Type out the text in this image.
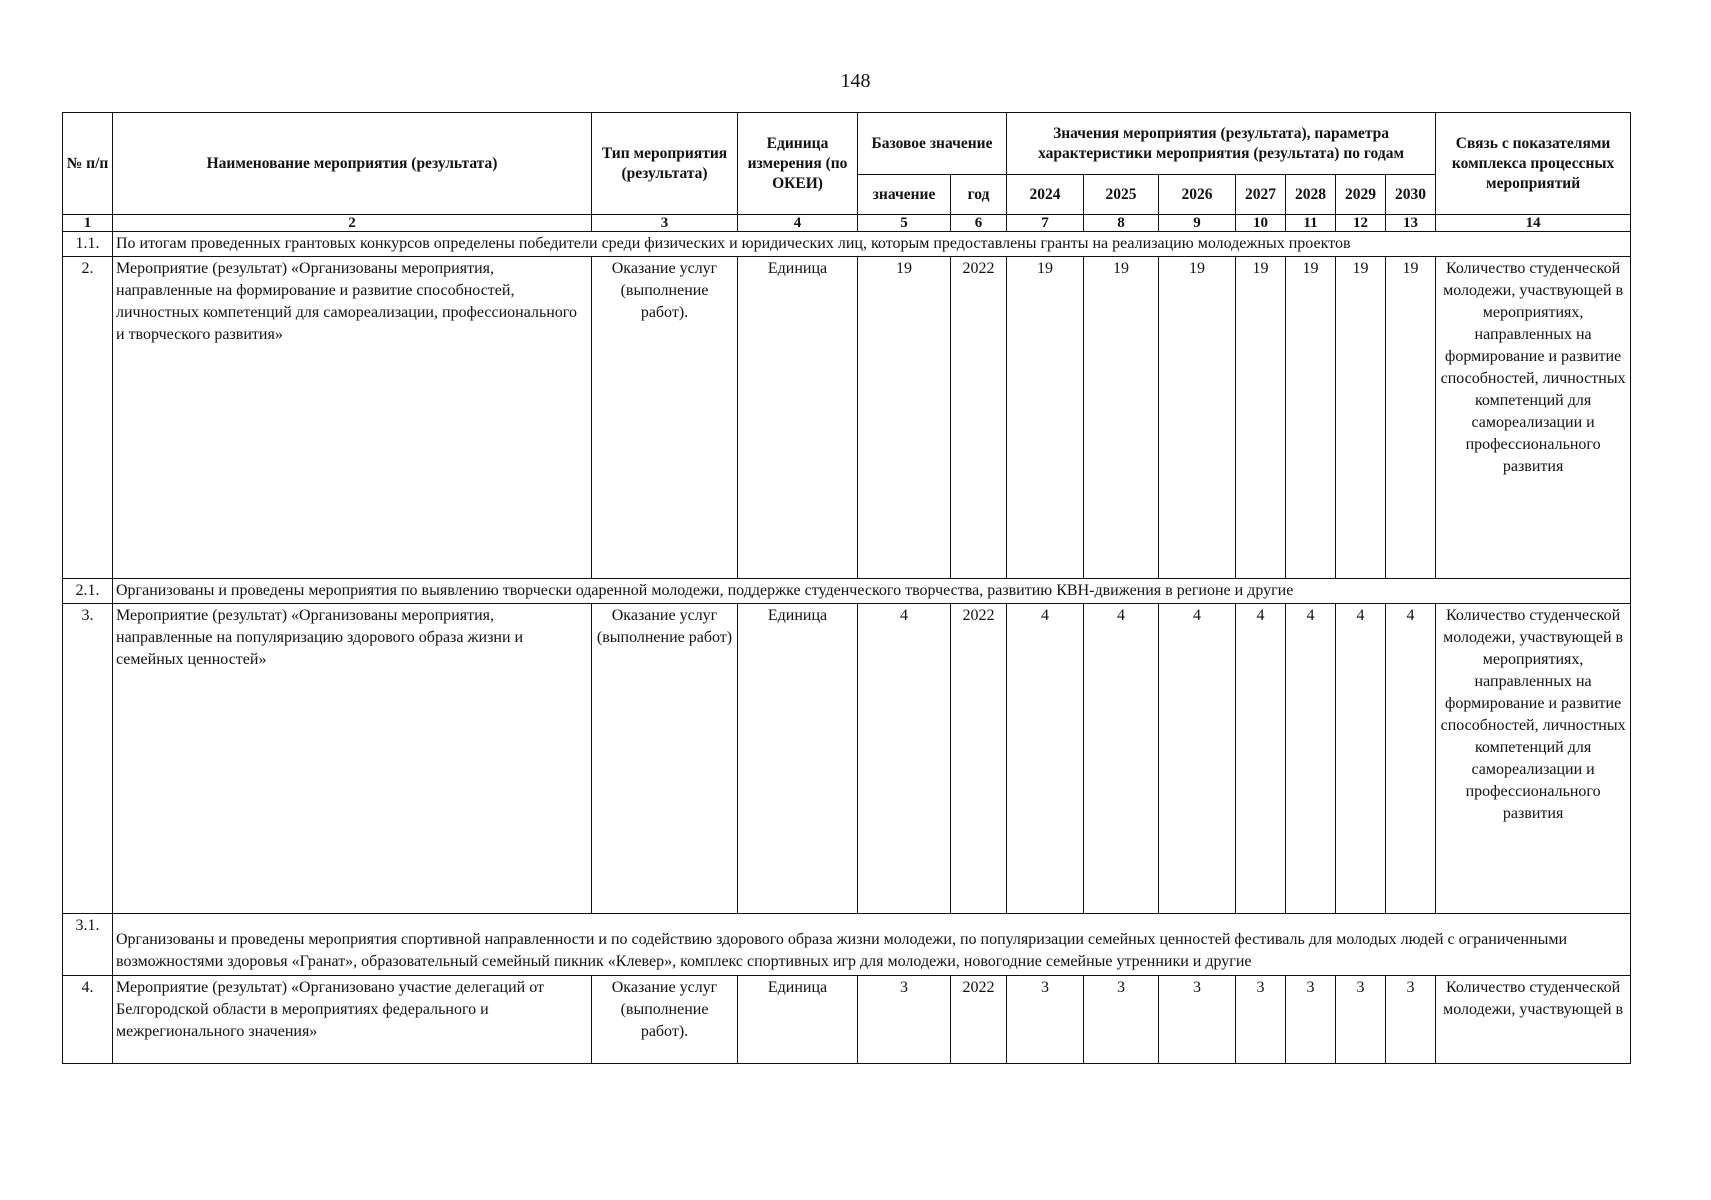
148
№ п/п	Наименование мероприятия (результата)	Тип мероприятия (результата)	Единица измерения (по ОКЕИ)	Базовое значение		Значения мероприятия (результата), параметра характеристики мероприятия (результата) по годам							Связь с показателями комплекса процессных мероприятий
				значение	год	2024	2025	2026	2027	2028	2029	2030	
1	2	3	4	5	6	7	8	9	10	11	12	13	14
1.1.	По итогам проведенных грантовых конкурсов определены победители среди физических и юридических лиц, которым предоставлены гранты на реализацию молодежных проектов												
2.	Мероприятие (результат) «Организованы мероприятия, направленные на формирование и развитие способностей, личностных компетенций для самореализации, профессионального и творческого развития»	Оказание услуг (выполнение работ).	Единица	19	2022	19	19	19	19	19	19	19	Количество студенческой молодежи, участвующей в мероприятиях, направленных на формирование и развитие способностей, личностных компетенций для самореализации и профессионального развития
2.1.	Организованы и проведены мероприятия по выявлению творчески одаренной молодежи, поддержке студенческого творчества, развитию КВН-движения в регионе и другие												
3.	Мероприятие (результат) «Организованы мероприятия, направленные на популяризацию здорового образа жизни и семейных ценностей»	Оказание услуг (выполнение работ)	Единица	4	2022	4	4	4	4	4	4	4	Количество студенческой молодежи, участвующей в мероприятиях, направленных на формирование и развитие способностей, личностных компетенций для самореализации и профессионального развития
3.1.	Организованы и проведены мероприятия спортивной направленности и по содействию здорового образа жизни молодежи, по популяризации семейных ценностей фестиваль для молодых людей с ограниченными возможностями здоровья «Гранат», образовательный семейный пикник «Клевер», комплекс спортивных игр для молодежи, новогодние семейные утренники и другие												
4.	Мероприятие (результат) «Организовано участие делегаций от Белгородской области в мероприятиях федерального и межрегионального значения»	Оказание услуг (выполнение работ).	Единица	3	2022	3	3	3	3	3	3	3	Количество студенческой молодежи, участвующей в
